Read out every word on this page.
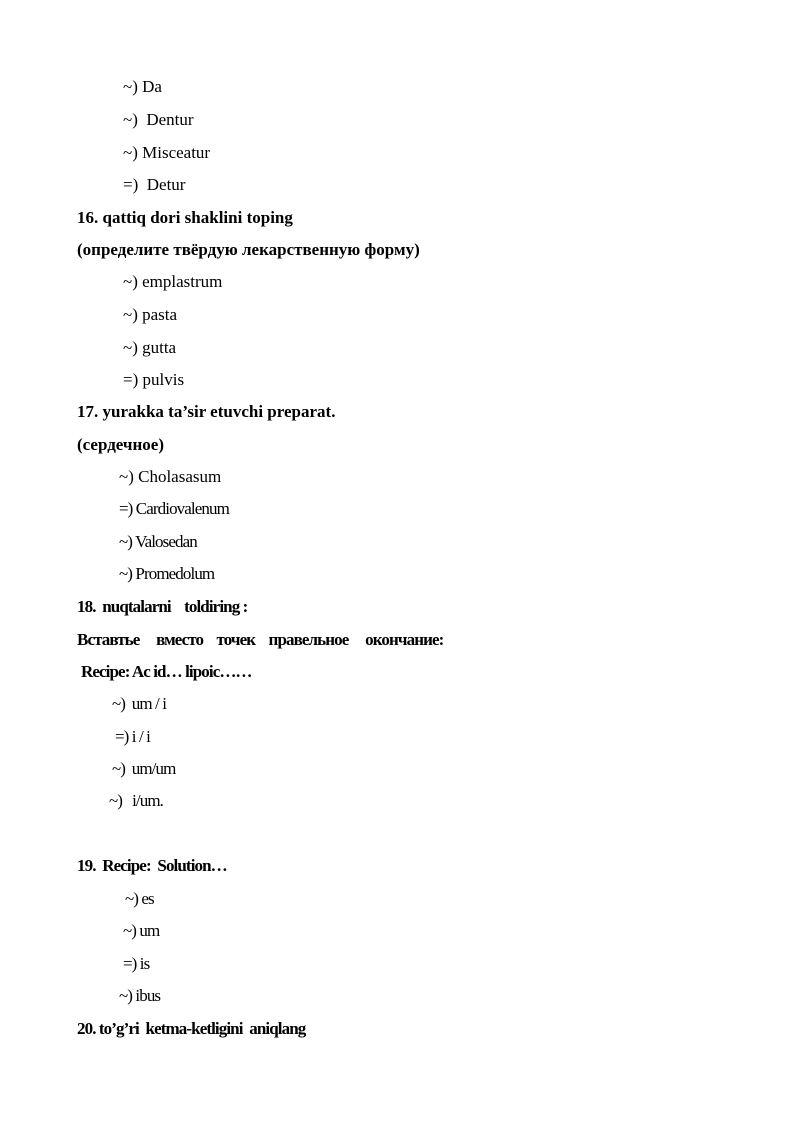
~) Da
~)  Dentur
~) Misceatur
=)  Detur
16. qattiq dori shaklini toping
(определите твёрдую лекарственную форму)
~) emplastrum
~) pasta
~) gutta
=) pulvis
17. yurakka ta’sir etuvchi preparat.
(сердечное)
~) Cholasasum
=) Cardiovalenum
~) Valosedan
~) Promedolum
18.  nuqtalarni    toldiring :
Вставтье     вместо    точек    правельное     окончание:
Recipe: Ac id… lipoic……
~)  um / i
=) i / i
~)  um/um
~)   i/um.
19.  Recipe:  Solution…
~) es
~) um
=) is
~) ibus
20. to’g’ri  ketma-ketligini  aniqlang
